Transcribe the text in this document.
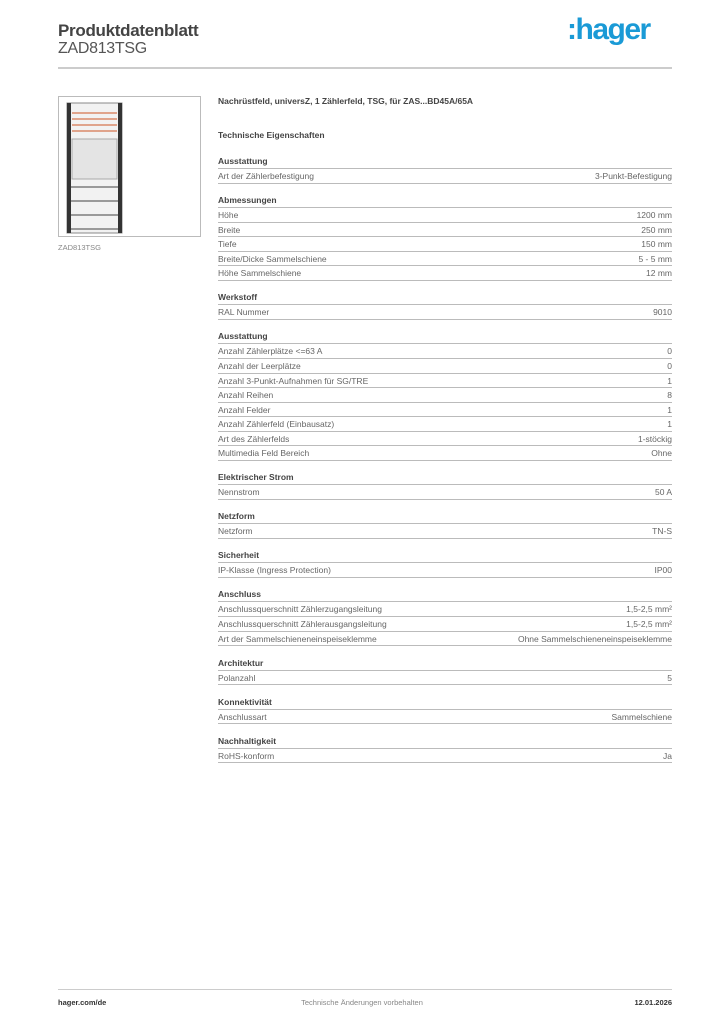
Produktdatenblatt
ZAD813TSG
:hager
ZAD813TSG
Nachrüstfeld, universZ, 1 Zählerfeld, TSG, für ZAS...BD45A/65A
Technische Eigenschaften
Ausstattung
Art der Zählerbefestigung	3-Punkt-Befestigung
Abmessungen
Höhe	1200 mm
Breite	250 mm
Tiefe	150 mm
Breite/Dicke Sammelschiene	5 - 5 mm
Höhe Sammelschiene	12 mm
Werkstoff
RAL Nummer	9010
Ausstattung
Anzahl Zählerplätze <=63 A	0
Anzahl der Leerplätze	0
Anzahl 3-Punkt-Aufnahmen für SG/TRE	1
Anzahl Reihen	8
Anzahl Felder	1
Anzahl Zählerfeld (Einbausatz)	1
Art des Zählerfelds	1-stöckig
Multimedia Feld Bereich	Ohne
Elektrischer Strom
Nennstrom	50 A
Netzform
Netzform	TN-S
Sicherheit
IP-Klasse (Ingress Protection)	IP00
Anschluss
Anschlussquerschnitt Zählerzugangsleitung	1,5-2,5 mm²
Anschlussquerschnitt Zählerausgangsleitung	1,5-2,5 mm²
Art der Sammelschieneneinspeiseklemme	Ohne Sammelschieneneinspeiseklemme
Architektur
Polanzahl	5
Konnektivität
Anschlussart	Sammelschiene
Nachhaltigkeit
RoHS-konform	Ja
hager.com/de	Technische Änderungen vorbehalten	12.01.2026
